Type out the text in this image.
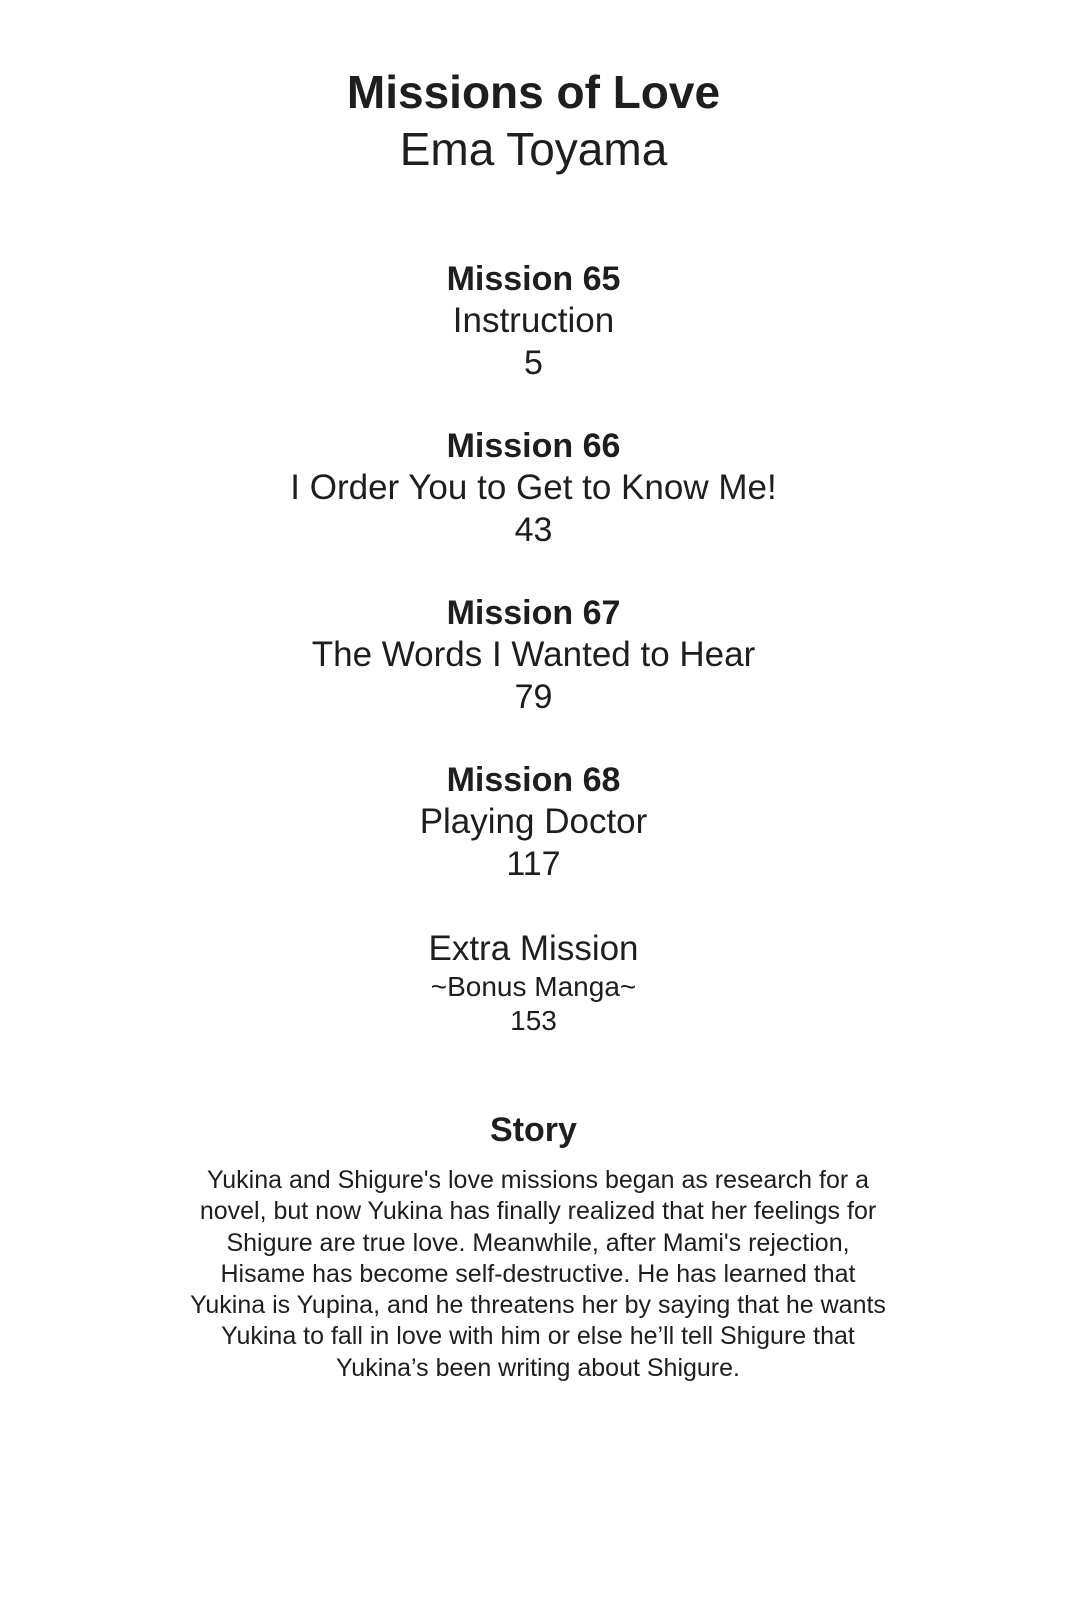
Missions of Love
Ema Toyama
Mission 65
Instruction
5
Mission 66
I Order You to Get to Know Me!
43
Mission 67
The Words I Wanted to Hear
79
Mission 68
Playing Doctor
117
Extra Mission
~Bonus Manga~
153
Story

Yukina and Shigure's love missions began as research for a novel, but now Yukina has finally realized that her feelings for Shigure are true love. Meanwhile, after Mami's rejection, Hisame has become self-destructive. He has learned that Yukina is Yupina, and he threatens her by saying that he wants Yukina to fall in love with him or else he’ll tell Shigure that Yukina’s been writing about Shigure.
